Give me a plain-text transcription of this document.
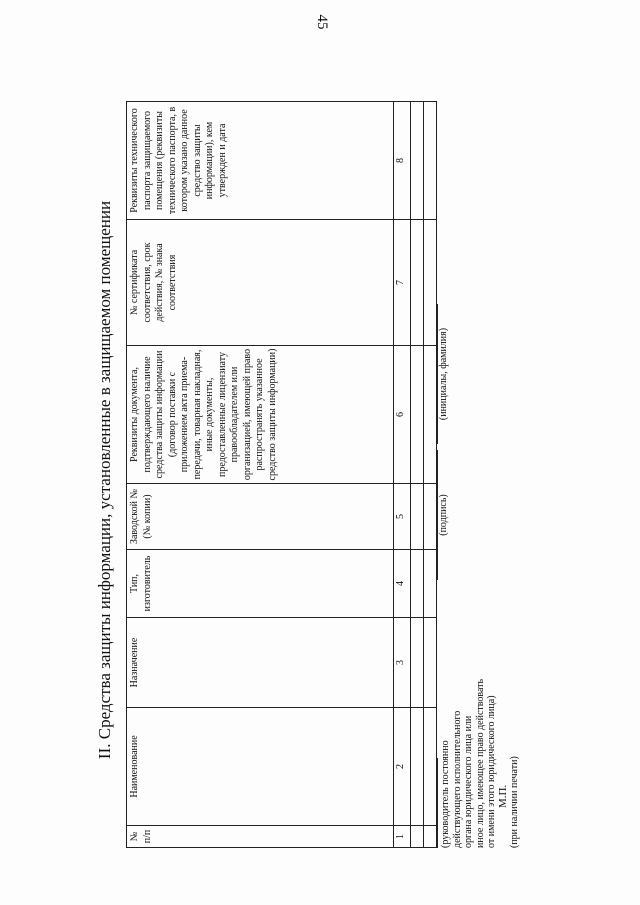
45
II. Средства защиты информации, установленные в защищаемом помещении
№ п/п	Наименование	Назначение	Тип, изготовитель	Заводской № (№ копии)	Реквизиты документа, подтверждающего наличие средства защиты информации (договор поставки с приложением акта приема-передачи, товарная накладная, иные документы, предоставленные лицензиату правообладателем или организацией, имеющей право распространять указанное средство защиты информации)	№ сертификата соответствия, срок действия, № знака соответствия	Реквизиты технического паспорта защищаемого помещения (реквизиты технического паспорта, в котором указано данное средство защиты информации), кем утвержден и дата
1	2	3	4	5	6	7	8

(руководитель постоянно действующего исполнительного органа юридического лица или иное лицо, имеющее право действовать от имени этого юридического лица) М.П. (при наличии печати)
(подпись)
(инициалы, фамилия)
